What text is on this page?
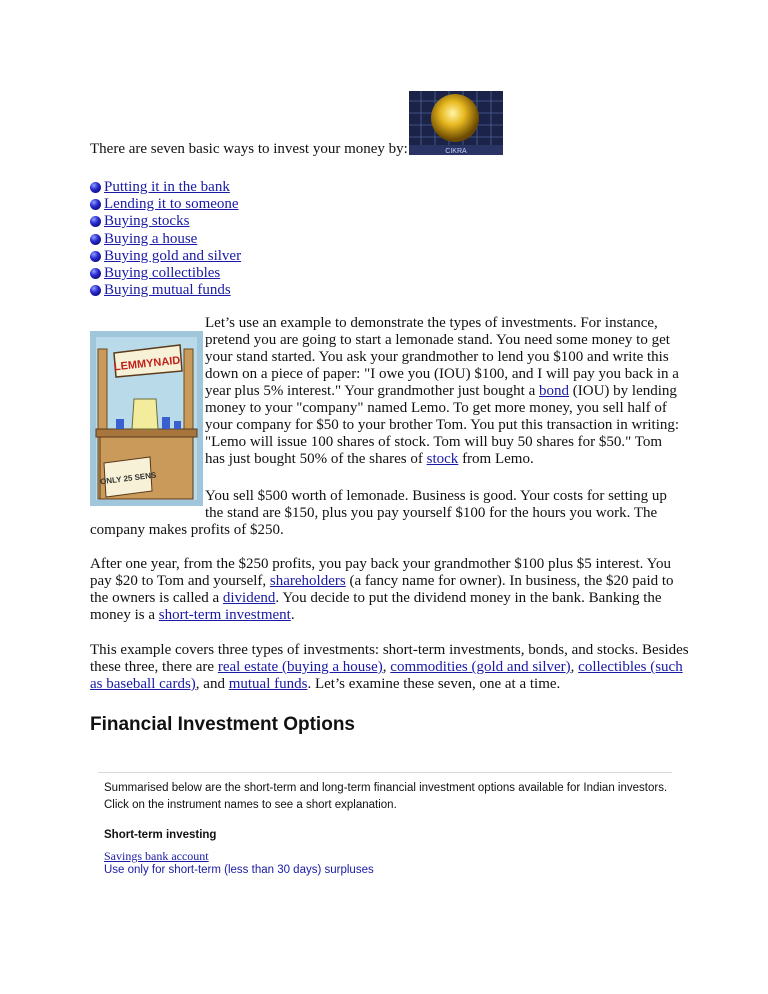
CIKRA
There are seven basic ways to invest your money by:
Putting it in the bank
Lending it to someone
Buying stocks
Buying a house
Buying gold and silver
Buying collectibles
Buying mutual funds
LEMMYNAID
ONLY 25 SENS
Let’s use an example to demonstrate the types of investments. For instance, pretend you are going to start a lemonade stand. You need some money to get your stand started. You ask your grandmother to lend you $100 and write this down on a piece of paper: "I owe you (IOU) $100, and I will pay you back in a year plus 5% interest." Your grandmother just bought a bond (IOU) by lending money to your "company" named Lemo. To get more money, you sell half of your company for $50 to your brother Tom. You put this transaction in writing: "Lemo will issue 100 shares of stock. Tom will buy 50 shares for $50." Tom has just bought 50% of the shares of stock from Lemo.
You sell $500 worth of lemonade. Business is good. Your costs for setting up the stand are $150, plus you pay yourself $100 for the hours you work. The
company makes profits of $250.
After one year, from the $250 profits, you pay back your grandmother $100 plus $5 interest. You pay $20 to Tom and yourself, shareholders (a fancy name for owner). In business, the $20 paid to the owners is called a dividend. You decide to put the dividend money in the bank. Banking the money is a short-term investment.
This example covers three types of investments: short-term investments, bonds, and stocks. Besides these three, there are real estate (buying a house), commodities (gold and silver), collectibles (such as baseball cards), and mutual funds. Let’s examine these seven, one at a time.
Financial Investment Options
Summarised below are the short-term and long-term financial investment options available for Indian investors. Click on the instrument names to see a short explanation.
Short-term investing
Savings bank account
Use only for short-term (less than 30 days) surpluses
